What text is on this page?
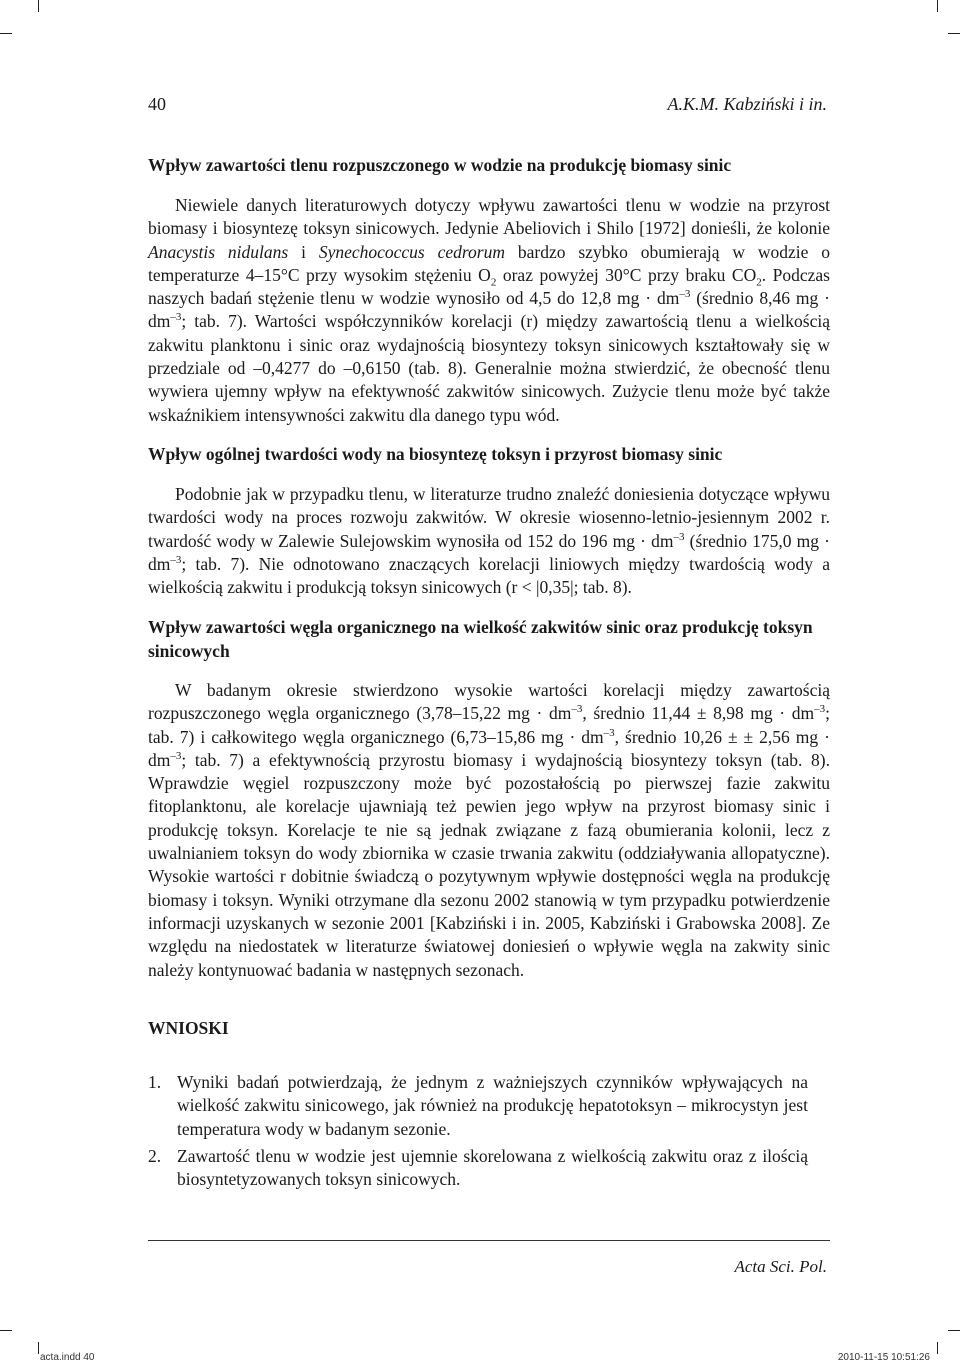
40	A.K.M. Kabziński i in.
Wpływ zawartości tlenu rozpuszczonego w wodzie na produkcję biomasy sinic

Niewiele danych literaturowych dotyczy wpływu zawartości tlenu w wodzie na przyrost biomasy i biosyntezę toksyn sinicowych. Jedynie Abeliovich i Shilo [1972] donieśli, że kolonie Anacystis nidulans i Synechococcus cedrorum bardzo szybko obumierają w wodzie o temperaturze 4–15°C przy wysokim stężeniu $O_2$ oraz powyżej 30°C przy braku $CO_2$. Podczas naszych badań stężenie tlenu w wodzie wynosiło od 4,5 do 12,8 mg · $dm^{-3}$ (średnio 8,46 mg · $dm^{-3}$; tab. 7). Wartości współczynników korelacji (r) między zawartością tlenu a wielkością zakwitu planktonu i sinic oraz wydajnością biosyntezy toksyn sinicowych kształtowały się w przedziale od –0,4277 do –0,6150 (tab. 8). Generalnie można stwierdzić, że obecność tlenu wywiera ujemny wpływ na efektywność zakwitów sinicowych. Zużycie tlenu może być także wskaźnikiem intensywności zakwitu dla danego typu wód.

Wpływ ogólnej twardości wody na biosyntezę toksyn i przyrost biomasy sinic

Podobnie jak w przypadku tlenu, w literaturze trudno znaleźć doniesienia dotyczące wpływu twardości wody na proces rozwoju zakwitów. W okresie wiosenno-letnio-jesiennym 2002 r. twardość wody w Zalewie Sulejowskim wynosiła od 152 do 196 mg · $dm^{-3}$ (średnio 175,0 mg · $dm^{-3}$; tab. 7). Nie odnotowano znaczących korelacji liniowych między twardością wody a wielkością zakwitu i produkcją toksyn sinicowych (r < |0,35|; tab. 8).

Wpływ zawartości węgla organicznego na wielkość zakwitów sinic oraz produkcję toksyn sinicowych

W badanym okresie stwierdzono wysokie wartości korelacji między zawartością rozpuszczonego węgla organicznego (3,78–15,22 mg · $dm^{-3}$, średnio 11,44 ± 8,98 mg · $dm^{-3}$; tab. 7) i całkowitego węgla organicznego (6,73–15,86 mg · $dm^{-3}$, średnio 10,26 ± ± 2,56 mg · $dm^{-3}$; tab. 7) a efektywnością przyrostu biomasy i wydajnością biosyntezy toksyn (tab. 8). Wprawdzie węgiel rozpuszczony może być pozostałością po pierwszej fazie zakwitu fitoplanktonu, ale korelacje ujawniają też pewien jego wpływ na przyrost biomasy sinic i produkcję toksyn. Korelacje te nie są jednak związane z fazą obumierania kolonii, lecz z uwalnianiem toksyn do wody zbiornika w czasie trwania zakwitu (oddziaływania allopatyczne). Wysokie wartości r dobitnie świadczą o pozytywnym wpływie dostępności węgla na produkcję biomasy i toksyn. Wyniki otrzymane dla sezonu 2002 stanowią w tym przypadku potwierdzenie informacji uzyskanych w sezonie 2001 [Kabziński i in. 2005, Kabziński i Grabowska 2008]. Ze względu na niedostatek w literaturze światowej doniesień o wpływie węgla na zakwity sinic należy kontynuować badania w następnych sezonach.

WNIOSKI
1. Wyniki badań potwierdzają, że jednym z ważniejszych czynników wpływających na wielkość zakwitu sinicowego, jak również na produkcję hepatotoksyn – mikrocystyn jest temperatura wody w badanym sezonie.
2. Zawartość tlenu w wodzie jest ujemnie skorelowana z wielkością zakwitu oraz z ilością biosyntetyzowanych toksyn sinicowych.
Acta Sci. Pol.
acta.indd 40	2010-11-15 10:51:26
